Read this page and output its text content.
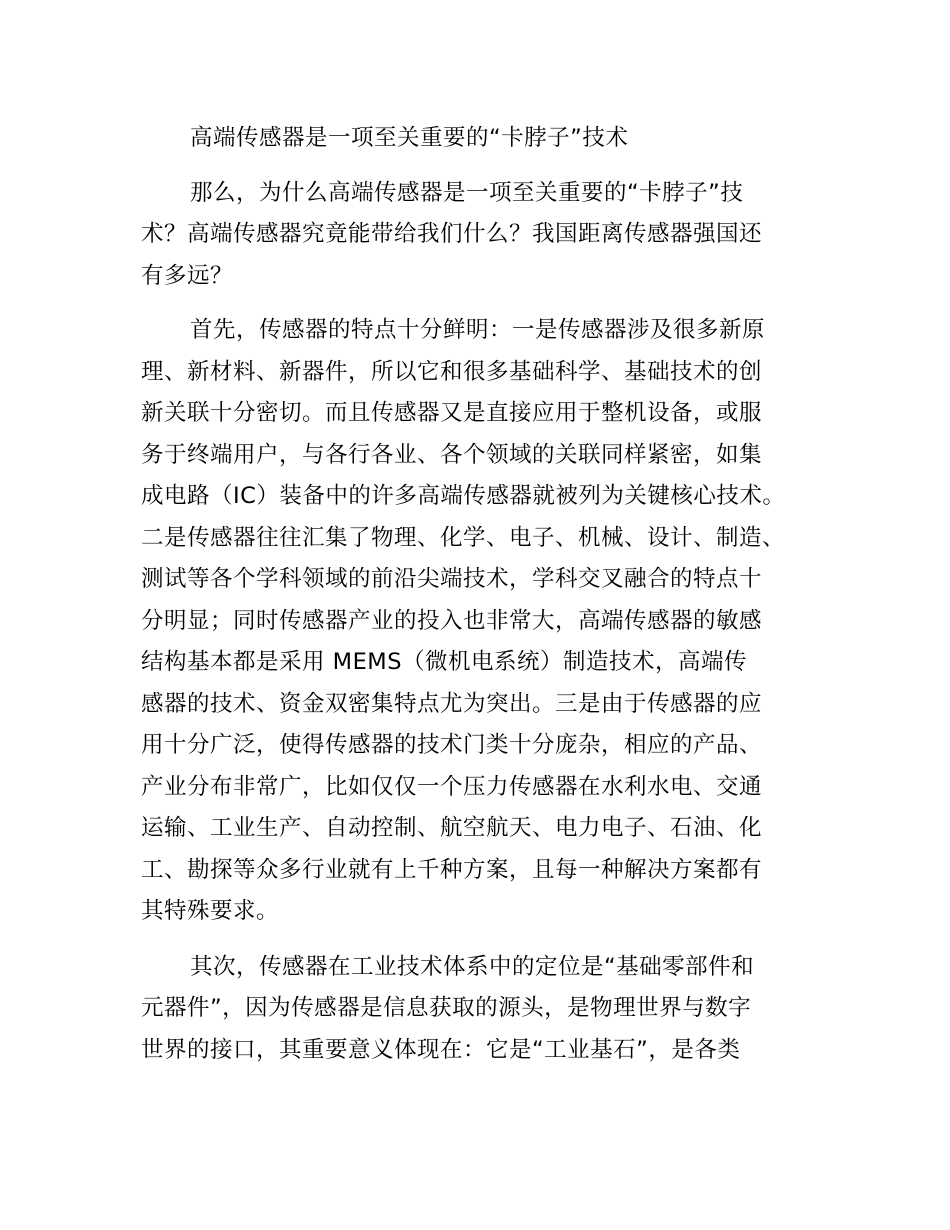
高端传感器是一项至关重要的“卡脖子”技术

那么，为什么高端传感器是一项至关重要的“卡脖子”技
术？高端传感器究竟能带给我们什么？我国距离传感器强国还
有多远？

首先，传感器的特点十分鲜明：一是传感器涉及很多新原
理、新材料、新器件，所以它和很多基础科学、基础技术的创
新关联十分密切。而且传感器又是直接应用于整机设备，或服
务于终端用户，与各行各业、各个领域的关联同样紧密，如集
成电路（IC）装备中的许多高端传感器就被列为关键核心技术。
二是传感器往往汇集了物理、化学、电子、机械、设计、制造、
测试等各个学科领域的前沿尖端技术，学科交叉融合的特点十
分明显；同时传感器产业的投入也非常大，高端传感器的敏感
结构基本都是采用 MEMS（微机电系统）制造技术，高端传
感器的技术、资金双密集特点尤为突出。三是由于传感器的应
用十分广泛，使得传感器的技术门类十分庞杂，相应的产品、
产业分布非常广，比如仅仅一个压力传感器在水利水电、交通
运输、工业生产、自动控制、航空航天、电力电子、石油、化
工、勘探等众多行业就有上千种方案，且每一种解决方案都有
其特殊要求。

其次，传感器在工业技术体系中的定位是“基础零部件和
元器件”，因为传感器是信息获取的源头，是物理世界与数字
世界的接口，其重要意义体现在：它是“工业基石”，是各类
